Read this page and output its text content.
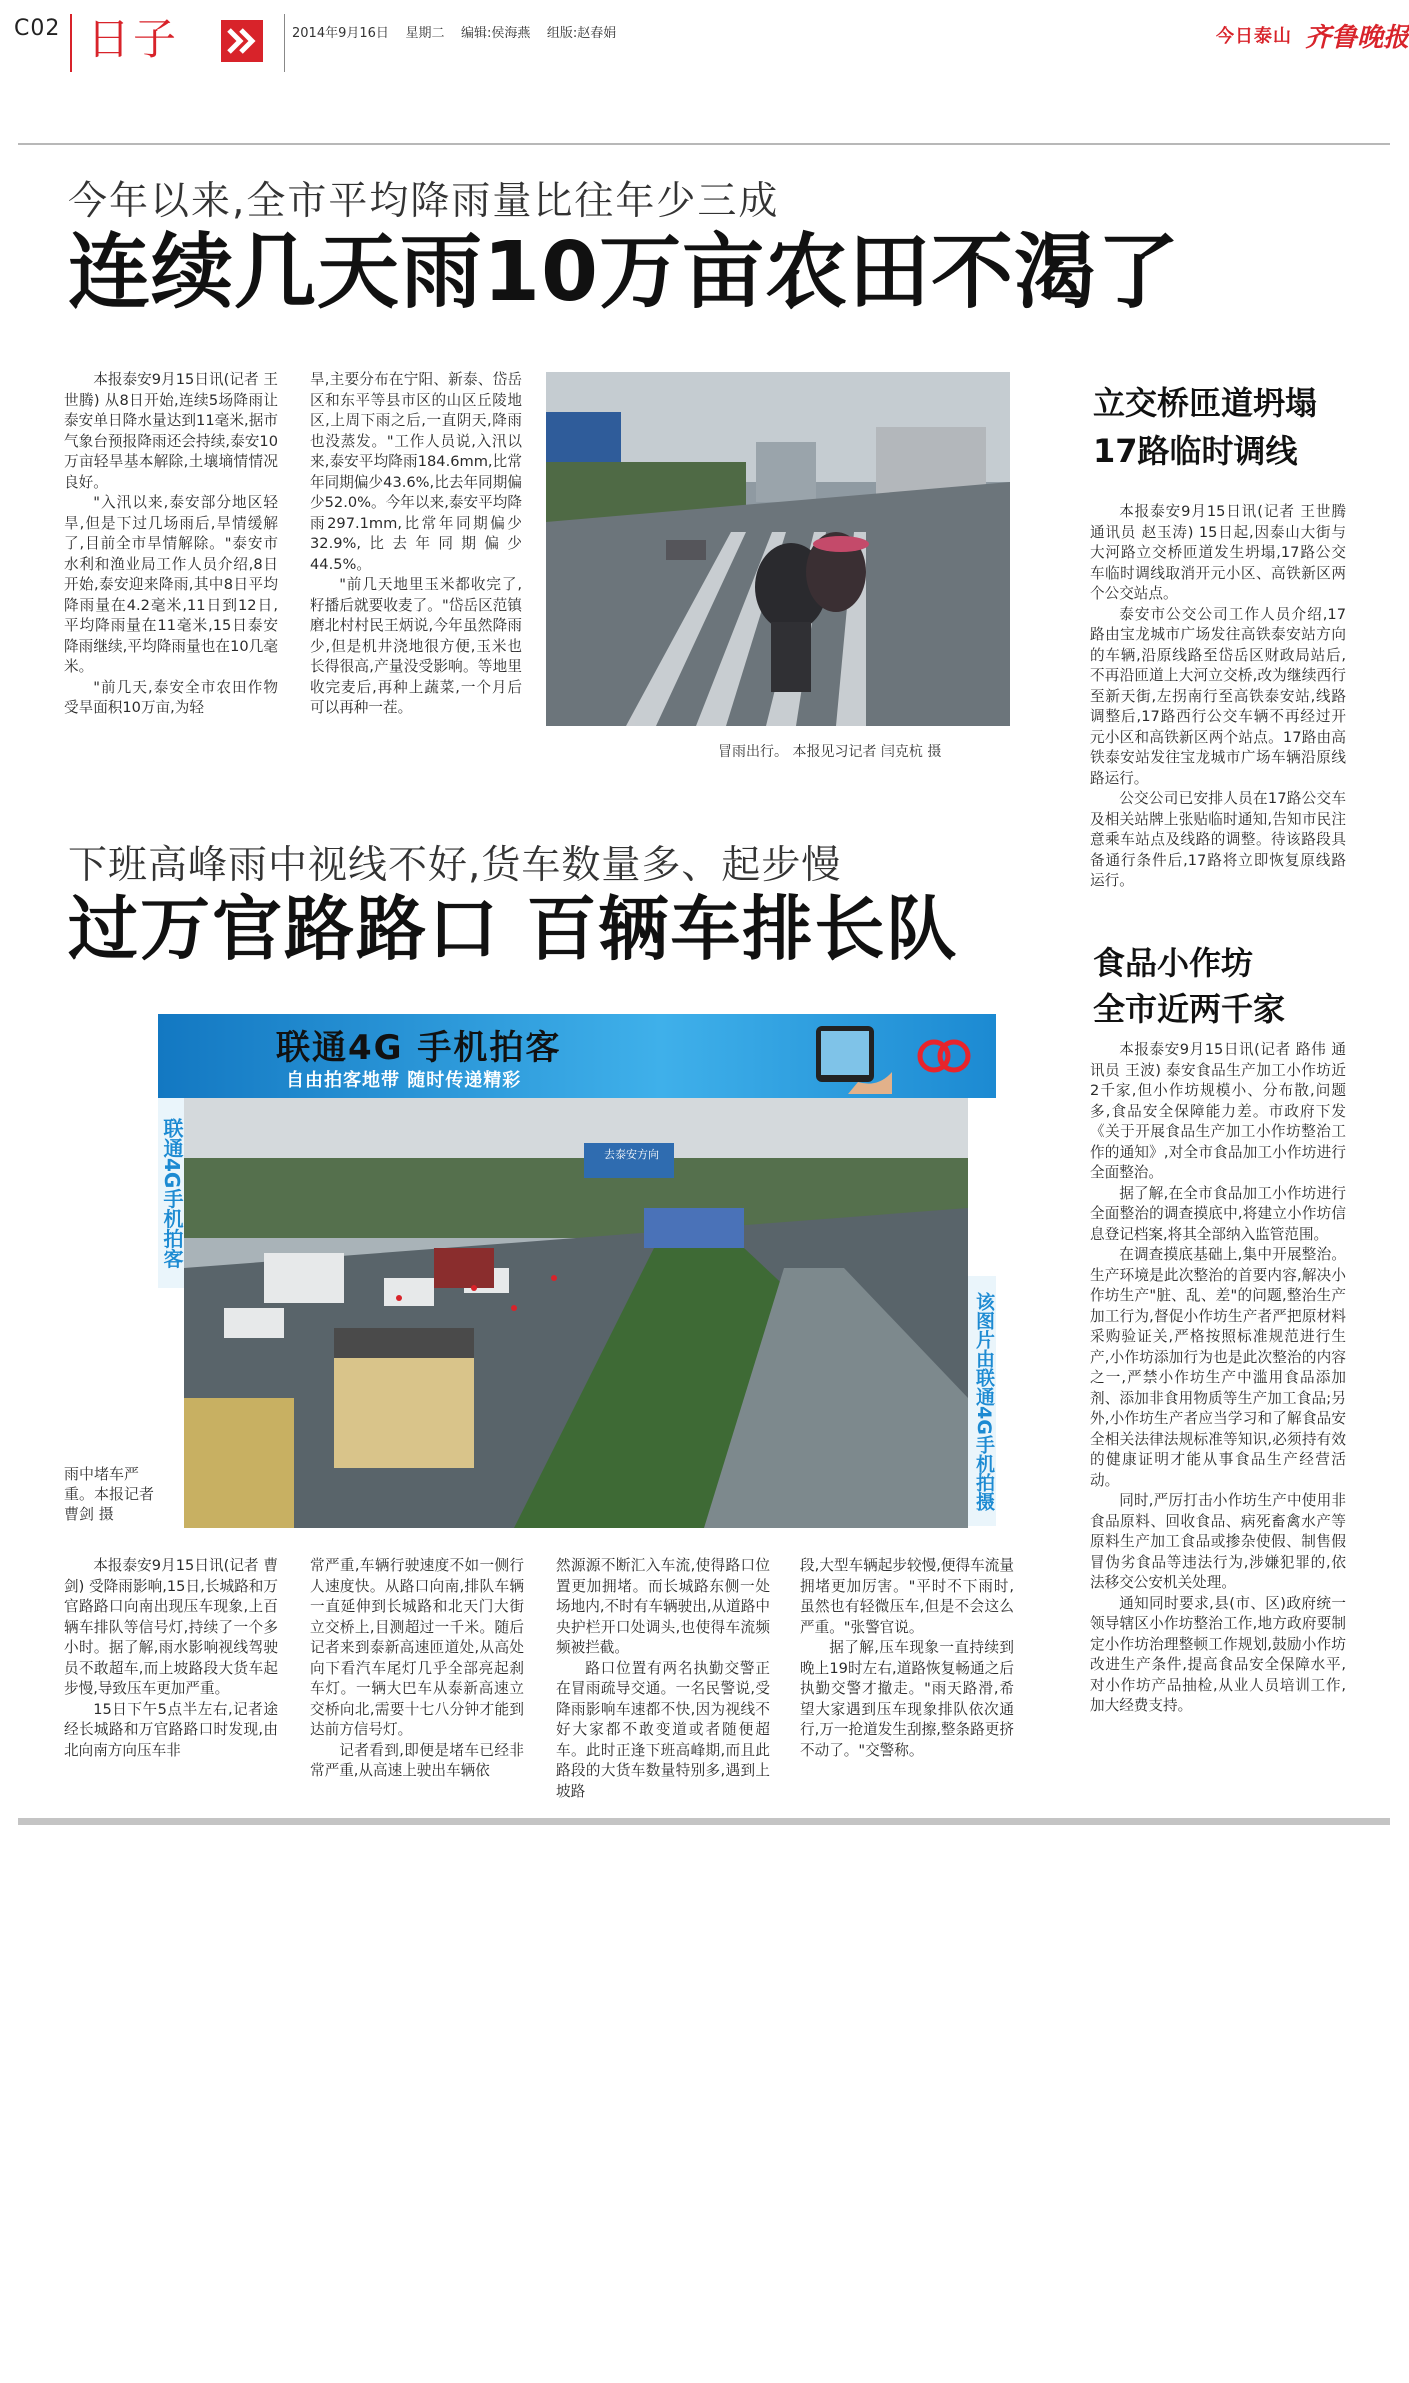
C02 日子	2014年9月16日 星期二 编辑:侯海燕 组版:赵春娟	今日泰山 齐鲁晚报
今年以来,全市平均降雨量比往年少三成
连续几天雨10万亩农田不渴了

本报泰安9月15日讯(记者 王世腾) 从8日开始,连续5场降雨让泰安单日降水量达到11毫米,据市气象台预报降雨还会持续,泰安10万亩轻旱基本解除,土壤墒情情况良好。

"入汛以来,泰安部分地区轻旱,但是下过几场雨后,旱情缓解了,目前全市旱情解除。"泰安市水利和渔业局工作人员介绍,8日开始,泰安迎来降雨,其中8日平均降雨量在4.2毫米,11日到12日,平均降雨量在11毫米,15日泰安降雨继续,平均降雨量也在10几毫米。

"前几天,泰安全市农田作物受旱面积10万亩,为轻

旱,主要分布在宁阳、新泰、岱岳区和东平等县市区的山区丘陵地区,上周下雨之后,一直阴天,降雨也没蒸发。"工作人员说,入汛以来,泰安平均降雨184.6mm,比常年同期偏少43.6%,比去年同期偏少52.0%。今年以来,泰安平均降雨297.1mm,比常年同期偏少32.9%,比去年同期偏少44.5%。

"前几天地里玉米都收完了,籽播后就要收麦了。"岱岳区范镇磨北村村民王炳说,今年虽然降雨少,但是机井浇地很方便,玉米也长得很高,产量没受影响。等地里收完麦后,再种上蔬菜,一个月后可以再种一茬。

冒雨出行。 本报见习记者 闫克杭 摄
立交桥匝道坍塌
17路临时调线

本报泰安9月15日讯(记者 王世腾 通讯员 赵玉涛) 15日起,因泰山大街与大河路立交桥匝道发生坍塌,17路公交车临时调线取消开元小区、高铁新区两个公交站点。

泰安市公交公司工作人员介绍,17路由宝龙城市广场发往高铁泰安站方向的车辆,沿原线路至岱岳区财政局站后,不再沿匝道上大河立交桥,改为继续西行至新天街,左拐南行至高铁泰安站,线路调整后,17路西行公交车辆不再经过开元小区和高铁新区两个站点。17路由高铁泰安站发往宝龙城市广场车辆沿原线路运行。

公交公司已安排人员在17路公交车及相关站牌上张贴临时通知,告知市民注意乘车站点及线路的调整。待该路段具备通行条件后,17路将立即恢复原线路运行。

下班高峰雨中视线不好,货车数量多、起步慢
过万官路路口 百辆车排长队
联通4G 手机拍客
自由拍客地带 随时传递精彩
联通4G手机拍客
该图片由联通4G手机拍摄
去泰安方向
雨中堵车严重。本报记者 曹剑 摄

本报泰安9月15日讯(记者 曹剑) 受降雨影响,15日,长城路和万官路路口向南出现压车现象,上百辆车排队等信号灯,持续了一个多小时。据了解,雨水影响视线驾驶员不敢超车,而上坡路段大货车起步慢,导致压车更加严重。

15日下午5点半左右,记者途经长城路和万官路路口时发现,由北向南方向压车非

常严重,车辆行驶速度不如一侧行人速度快。从路口向南,排队车辆一直延伸到长城路和北天门大街立交桥上,目测超过一千米。随后记者来到泰新高速匝道处,从高处向下看汽车尾灯几乎全部亮起刹车灯。一辆大巴车从泰新高速立交桥向北,需要十七八分钟才能到达前方信号灯。

记者看到,即便是堵车已经非常严重,从高速上驶出车辆依

然源源不断汇入车流,使得路口位置更加拥堵。而长城路东侧一处场地内,不时有车辆驶出,从道路中央护栏开口处调头,也使得车流频频被拦截。

路口位置有两名执勤交警正在冒雨疏导交通。一名民警说,受降雨影响车速都不快,因为视线不好大家都不敢变道或者随便超车。此时正逢下班高峰期,而且此路段的大货车数量特别多,遇到上坡路

段,大型车辆起步较慢,便得车流量拥堵更加厉害。"平时不下雨时,虽然也有轻微压车,但是不会这么严重。"张警官说。

据了解,压车现象一直持续到晚上19时左右,道路恢复畅通之后执勤交警才撤走。"雨天路滑,希望大家遇到压车现象排队依次通行,万一抢道发生刮擦,整条路更挤不动了。"交警称。

食品小作坊
全市近两千家

本报泰安9月15日讯(记者 路伟 通讯员 王波) 泰安食品生产加工小作坊近2千家,但小作坊规模小、分布散,问题多,食品安全保障能力差。市政府下发《关于开展食品生产加工小作坊整治工作的通知》,对全市食品加工小作坊进行全面整治。

据了解,在全市食品加工小作坊进行全面整治的调查摸底中,将建立小作坊信息登记档案,将其全部纳入监管范围。

在调查摸底基础上,集中开展整治。生产环境是此次整治的首要内容,解决小作坊生产"脏、乱、差"的问题,整治生产加工行为,督促小作坊生产者严把原材料采购验证关,严格按照标准规范进行生产,小作坊添加行为也是此次整治的内容之一,严禁小作坊生产中滥用食品添加剂、添加非食用物质等生产加工食品;另外,小作坊生产者应当学习和了解食品安全相关法律法规标准等知识,必须持有效的健康证明才能从事食品生产经营活动。

同时,严厉打击小作坊生产中使用非食品原料、回收食品、病死畜禽水产等原料生产加工食品或掺杂使假、制售假冒伪劣食品等违法行为,涉嫌犯罪的,依法移交公安机关处理。

通知同时要求,县(市、区)政府统一领导辖区小作坊整治工作,地方政府要制定小作坊治理整顿工作规划,鼓励小作坊改进生产条件,提高食品安全保障水平,对小作坊产品抽检,从业人员培训工作,加大经费支持。
